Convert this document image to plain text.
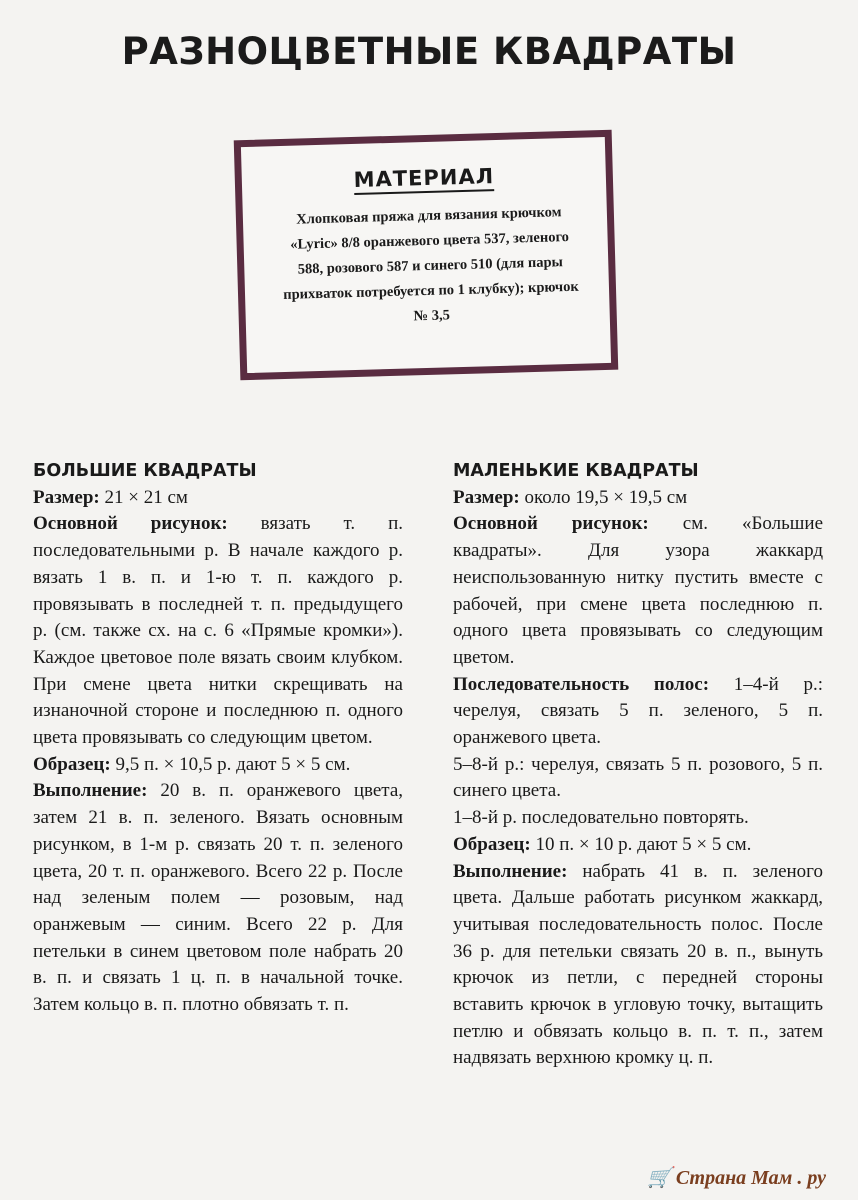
РАЗНОЦВЕТНЫЕ КВАДРАТЫ
МАТЕРИАЛ
Хлопковая пряжа для вязания крючком «Lyric» 8/8 оранжевого цвета 537, зеленого 588, розового 587 и синего 510 (для пары прихваток потребуется по 1 клубку); крючок № 3,5
БОЛЬШИЕ КВАДРАТЫ

Размер: 21 × 21 см

Основной рисунок: вязать т. п. последовательными р. В начале каждого р. вязать 1 в. п. и 1-ю т. п. каждого р. провязывать в последней т. п. предыдущего р. (см. также сх. на с. 6 «Прямые кромки»). Каждое цветовое поле вязать своим клубком. При смене цвета нитки скрещивать на изнаночной стороне и последнюю п. одного цвета провязывать со следующим цветом.

Образец: 9,5 п. × 10,5 р. дают 5 × 5 см.

Выполнение: 20 в. п. оранжевого цвета, затем 21 в. п. зеленого. Вязать основным рисунком, в 1-м р. связать 20 т. п. зеленого цвета, 20 т. п. оранжевого. Всего 22 р. После над зеленым полем — розовым, над оранжевым — синим. Всего 22 р. Для петельки в синем цветовом поле набрать 20 в. п. и связать 1 ц. п. в начальной точке. Затем кольцо в. п. плотно обвязать т. п.

МАЛЕНЬКИЕ КВАДРАТЫ

Размер: около 19,5 × 19,5 см

Основной рисунок: см. «Большие квадраты». Для узора жаккард неиспользованную нитку пустить вместе с рабочей, при смене цвета последнюю п. одного цвета провязывать со следующим цветом.

Последовательность полос: 1–4-й р.: черелуя, связать 5 п. зеленого, 5 п. оранжевого цвета.

5–8-й р.: черелуя, связать 5 п. розового, 5 п. синего цвета.

1–8-й р. последовательно повторять.

Образец: 10 п. × 10 р. дают 5 × 5 см.

Выполнение: набрать 41 в. п. зеленого цвета. Дальше работать рисунком жаккард, учитывая последовательность полос. После 36 р. для петельки связать 20 в. п., вынуть крючок из петли, с передней стороны вставить крючок в угловую точку, вытащить петлю и обвязать кольцо в. п. т. п., затем надвязать верхнюю кромку ц. п.

🛒 Страна Мам . ру
